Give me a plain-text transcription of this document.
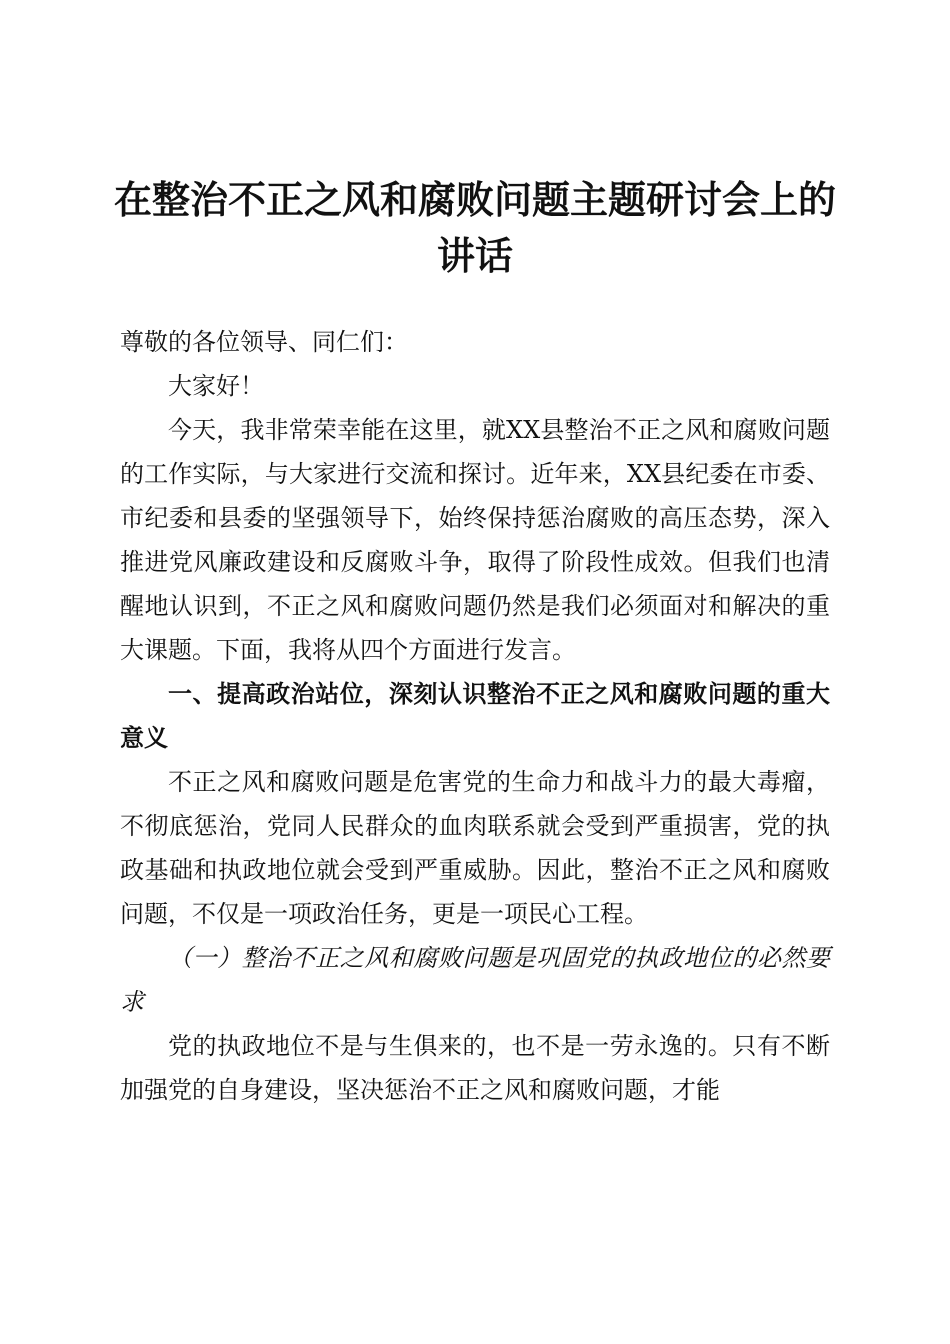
在整治不正之风和腐败问题主题研讨会上的讲话

尊敬的各位领导、同仁们：

大家好！

今天，我非常荣幸能在这里，就XX县整治不正之风和腐败问题的工作实际，与大家进行交流和探讨。近年来，XX县纪委在市委、市纪委和县委的坚强领导下，始终保持惩治腐败的高压态势，深入推进党风廉政建设和反腐败斗争，取得了阶段性成效。但我们也清醒地认识到，不正之风和腐败问题仍然是我们必须面对和解决的重大课题。下面，我将从四个方面进行发言。

一、提高政治站位，深刻认识整治不正之风和腐败问题的重大意义

不正之风和腐败问题是危害党的生命力和战斗力的最大毒瘤，不彻底惩治，党同人民群众的血肉联系就会受到严重损害，党的执政基础和执政地位就会受到严重威胁。因此，整治不正之风和腐败问题，不仅是一项政治任务，更是一项民心工程。

（一）整治不正之风和腐败问题是巩固党的执政地位的必然要求

党的执政地位不是与生俱来的，也不是一劳永逸的。只有不断加强党的自身建设，坚决惩治不正之风和腐败问题，才能
